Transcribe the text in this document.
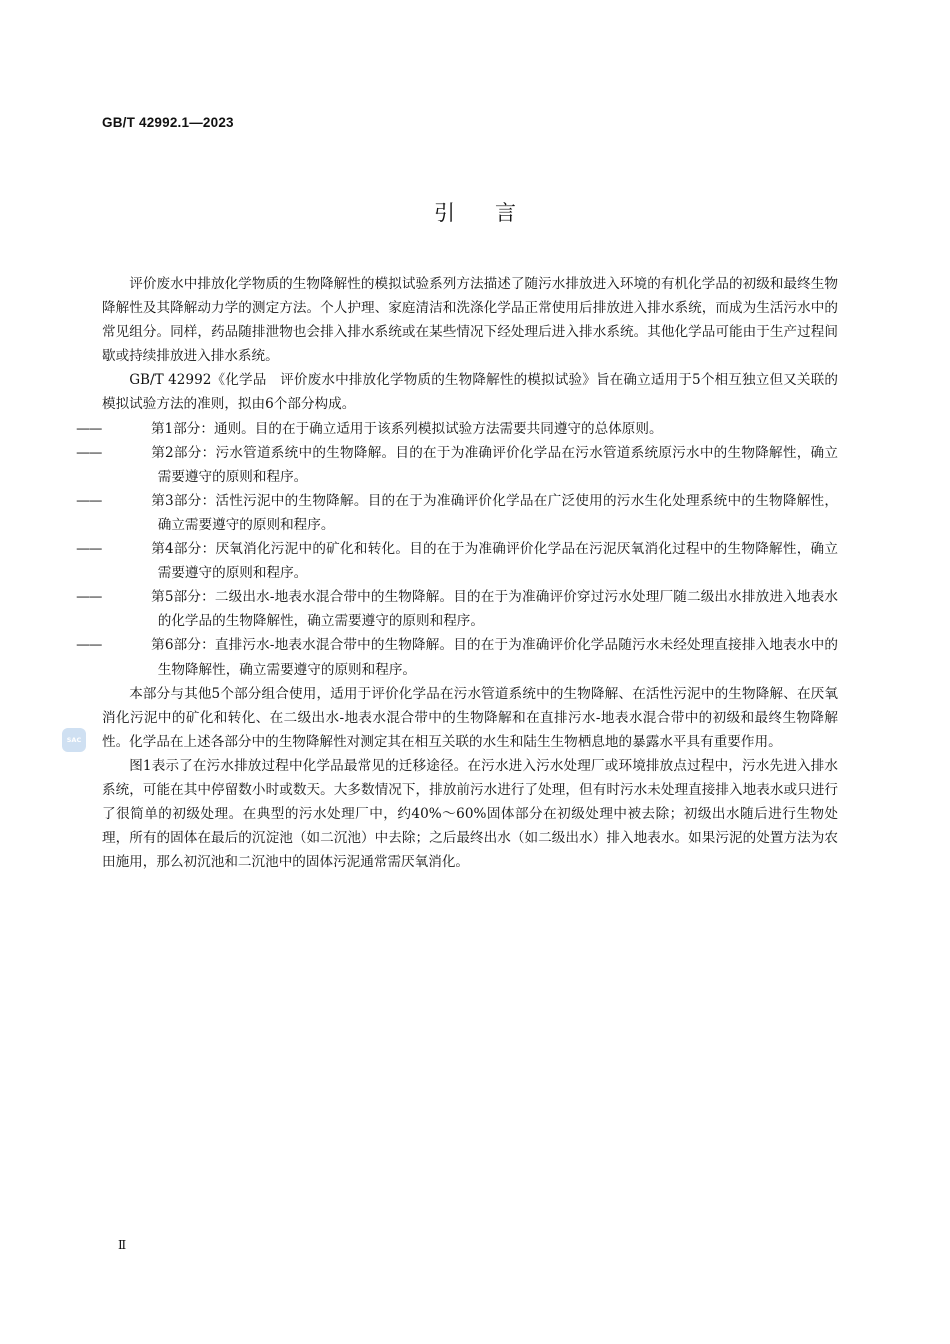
GB/T 42992.1—2023
引言

评价废水中排放化学物质的生物降解性的模拟试验系列方法描述了随污水排放进入环境的有机化学品的初级和最终生物降解性及其降解动力学的测定方法。个人护理、家庭清洁和洗涤化学品正常使用后排放进入排水系统，而成为生活污水中的常见组分。同样，药品随排泄物也会排入排水系统或在某些情况下经处理后进入排水系统。其他化学品可能由于生产过程间歇或持续排放进入排水系统。

GB/T 42992《化学品　评价废水中排放化学物质的生物降解性的模拟试验》旨在确立适用于5个相互独立但又关联的模拟试验方法的准则，拟由6个部分构成。

——	第1部分：通则。目的在于确立适用于该系列模拟试验方法需要共同遵守的总体原则。

——	第2部分：污水管道系统中的生物降解。目的在于为准确评价化学品在污水管道系统原污水中的生物降解性，确立需要遵守的原则和程序。

——	第3部分：活性污泥中的生物降解。目的在于为准确评价化学品在广泛使用的污水生化处理系统中的生物降解性，确立需要遵守的原则和程序。

——	第4部分：厌氧消化污泥中的矿化和转化。目的在于为准确评价化学品在污泥厌氧消化过程中的生物降解性，确立需要遵守的原则和程序。

——	第5部分：二级出水-地表水混合带中的生物降解。目的在于为准确评价穿过污水处理厂随二级出水排放进入地表水的化学品的生物降解性，确立需要遵守的原则和程序。

——	第6部分：直排污水-地表水混合带中的生物降解。目的在于为准确评价化学品随污水未经处理直接排入地表水中的生物降解性，确立需要遵守的原则和程序。

本部分与其他5个部分组合使用，适用于评价化学品在污水管道系统中的生物降解、在活性污泥中的生物降解、在厌氧消化污泥中的矿化和转化、在二级出水-地表水混合带中的生物降解和在直排污水-地表水混合带中的初级和最终生物降解性。化学品在上述各部分中的生物降解性对测定其在相互关联的水生和陆生生物栖息地的暴露水平具有重要作用。

图1表示了在污水排放过程中化学品最常见的迁移途径。在污水进入污水处理厂或环境排放点过程中，污水先进入排水系统，可能在其中停留数小时或数天。大多数情况下，排放前污水进行了处理，但有时污水未处理直接排入地表水或只进行了很简单的初级处理。在典型的污水处理厂中，约40%～60%固体部分在初级处理中被去除；初级出水随后进行生物处理，所有的固体在最后的沉淀池（如二沉池）中去除；之后最终出水（如二级出水）排入地表水。如果污泥的处置方法为农田施用，那么初沉池和二沉池中的固体污泥通常需厌氧消化。

SAC
Ⅱ
